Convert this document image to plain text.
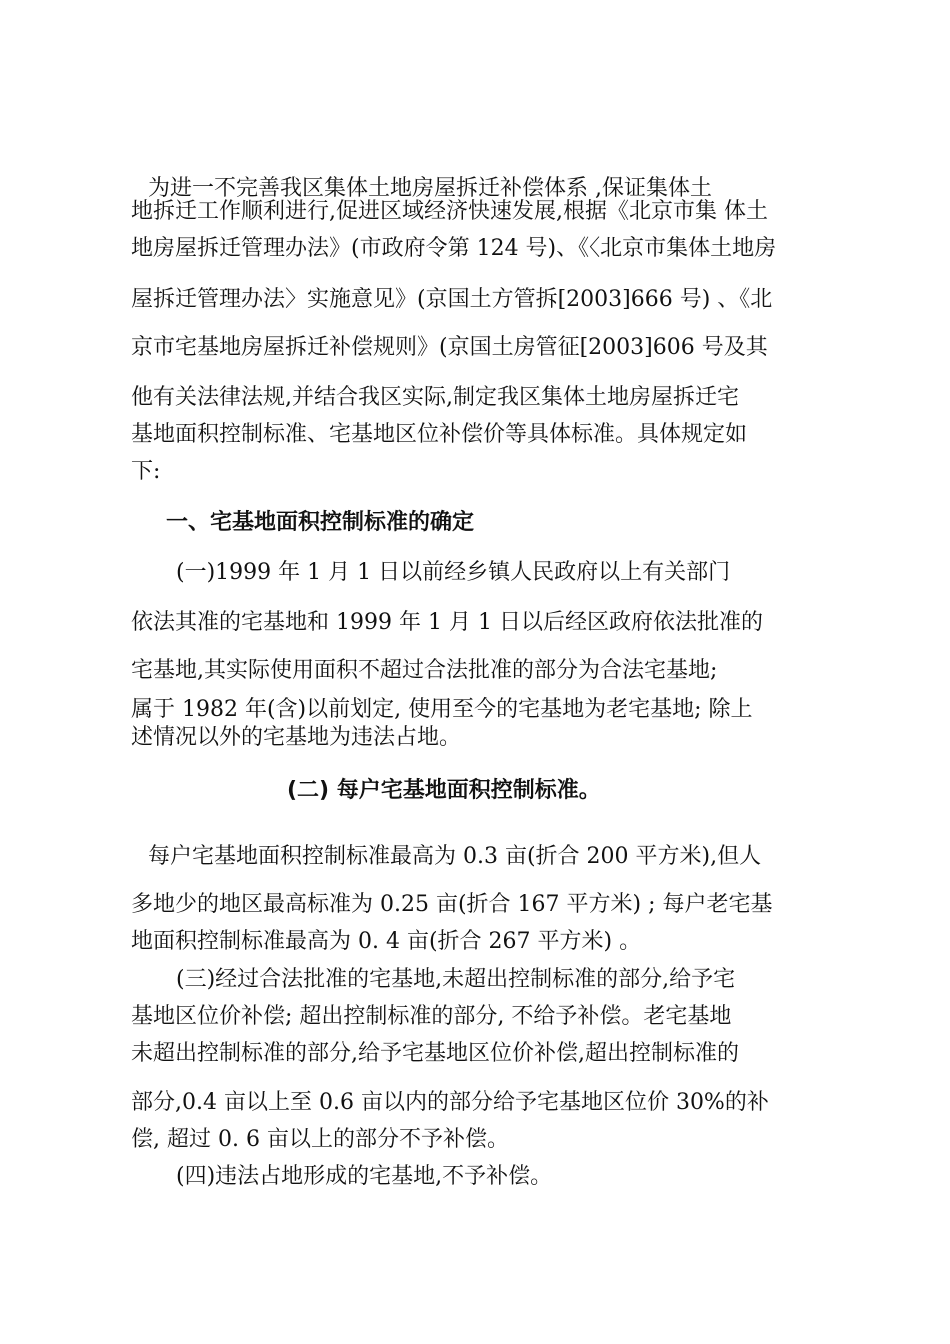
为进一不完善我区集体土地房屋拆迁补偿体系 ,保证集体土
地拆迁工作顺利进行,促进区域经济快速发展,根据《北京市集 体土
地房屋拆迁管理办法》(市政府令第 124 号)、《〈北京市集体土地房
屋拆迁管理办法〉实施意见》(京国土方管拆[2003]666 号) 、《北
京市宅基地房屋拆迁补偿规则》(京国土房管征[2003]606 号及其
他有关法律法规,并结合我区实际,制定我区集体土地房屋拆迁宅
基地面积控制标准、宅基地区位补偿价等具体标准。具体规定如
下:
一、宅基地面积控制标准的确定
(一)1999 年 1 月 1 日以前经乡镇人民政府以上有关部门
依法其准的宅基地和 1999 年 1 月 1 日以后经区政府依法批准的
宅基地,其实际使用面积不超过合法批准的部分为合法宅基地;
属于 1982 年(含)以前划定, 使用至今的宅基地为老宅基地; 除上
述情况以外的宅基地为违法占地。
(二) 每户宅基地面积控制标准。
每户宅基地面积控制标准最高为 0.3 亩(折合 200 平方米),但人
多地少的地区最高标准为 0.25 亩(折合 167 平方米) ; 每户老宅基
地面积控制标准最高为 0. 4 亩(折合 267 平方米) 。
(三)经过合法批准的宅基地,未超出控制标准的部分,给予宅
基地区位价补偿; 超出控制标准的部分, 不给予补偿。老宅基地
未超出控制标准的部分,给予宅基地区位价补偿,超出控制标准的
部分,0.4 亩以上至 0.6 亩以内的部分给予宅基地区位价 30%的补
偿, 超过 0. 6 亩以上的部分不予补偿。
(四)违法占地形成的宅基地,不予补偿。
